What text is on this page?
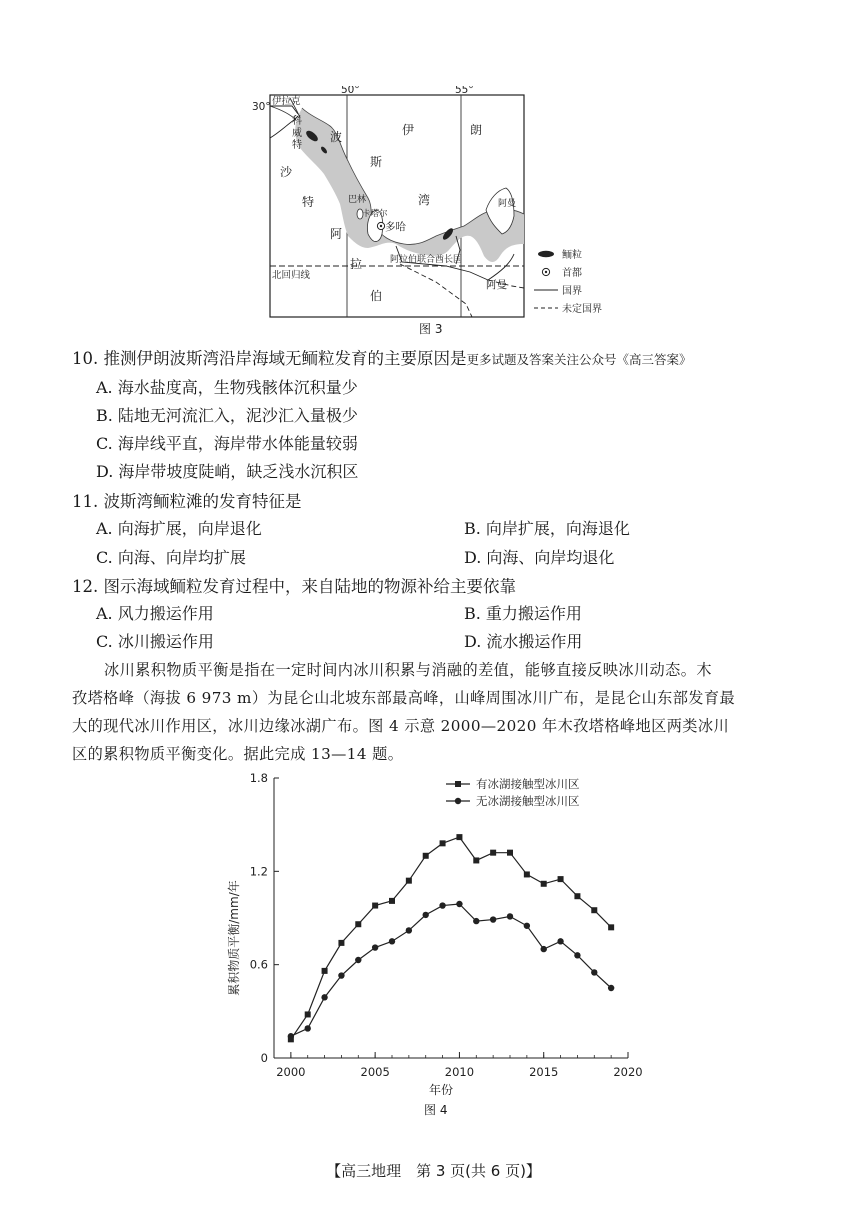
30°
50°	55°
伊拉克
科
威
特
波
斯
湾
伊	朗
沙
特
阿
拉
伯
巴林
卡塔尔
多哈
阿拉伯联合酋长国
阿曼
阿曼
北回归线
鲕粒
首都
国界
未定国界
图 3
10. 推测伊朗波斯湾沿岸海域无鲕粒发育的主要原因是更多试题及答案关注公众号《高三答案》
A. 海水盐度高，生物残骸体沉积量少
B. 陆地无河流汇入，泥沙汇入量极少
C. 海岸线平直，海岸带水体能量较弱
D. 海岸带坡度陡峭，缺乏浅水沉积区
11. 波斯湾鲕粒滩的发育特征是
A. 向海扩展，向岸退化	B. 向岸扩展，向海退化
C. 向海、向岸均扩展	D. 向海、向岸均退化
12. 图示海域鲕粒发育过程中，来自陆地的物源补给主要依靠
A. 风力搬运作用	B. 重力搬运作用
C. 冰川搬运作用	D. 流水搬运作用
冰川累积物质平衡是指在一定时间内冰川积累与消融的差值，能够直接反映冰川动态。木
孜塔格峰（海拔 6 973 m）为昆仑山北坡东部最高峰，山峰周围冰川广布，是昆仑山东部发育最
大的现代冰川作用区，冰川边缘冰湖广布。图 4 示意 2000—2020 年木孜塔格峰地区两类冰川
区的累积物质平衡变化。据此完成 13—14 题。
0
0.6
1.2
1.8
2000	2005	2010	2015	2020
年份
累积物质平衡/mm/年
有冰湖接触型冰川区
无冰湖接触型冰川区
图 4
【高三地理　第 3 页(共 6 页)】
